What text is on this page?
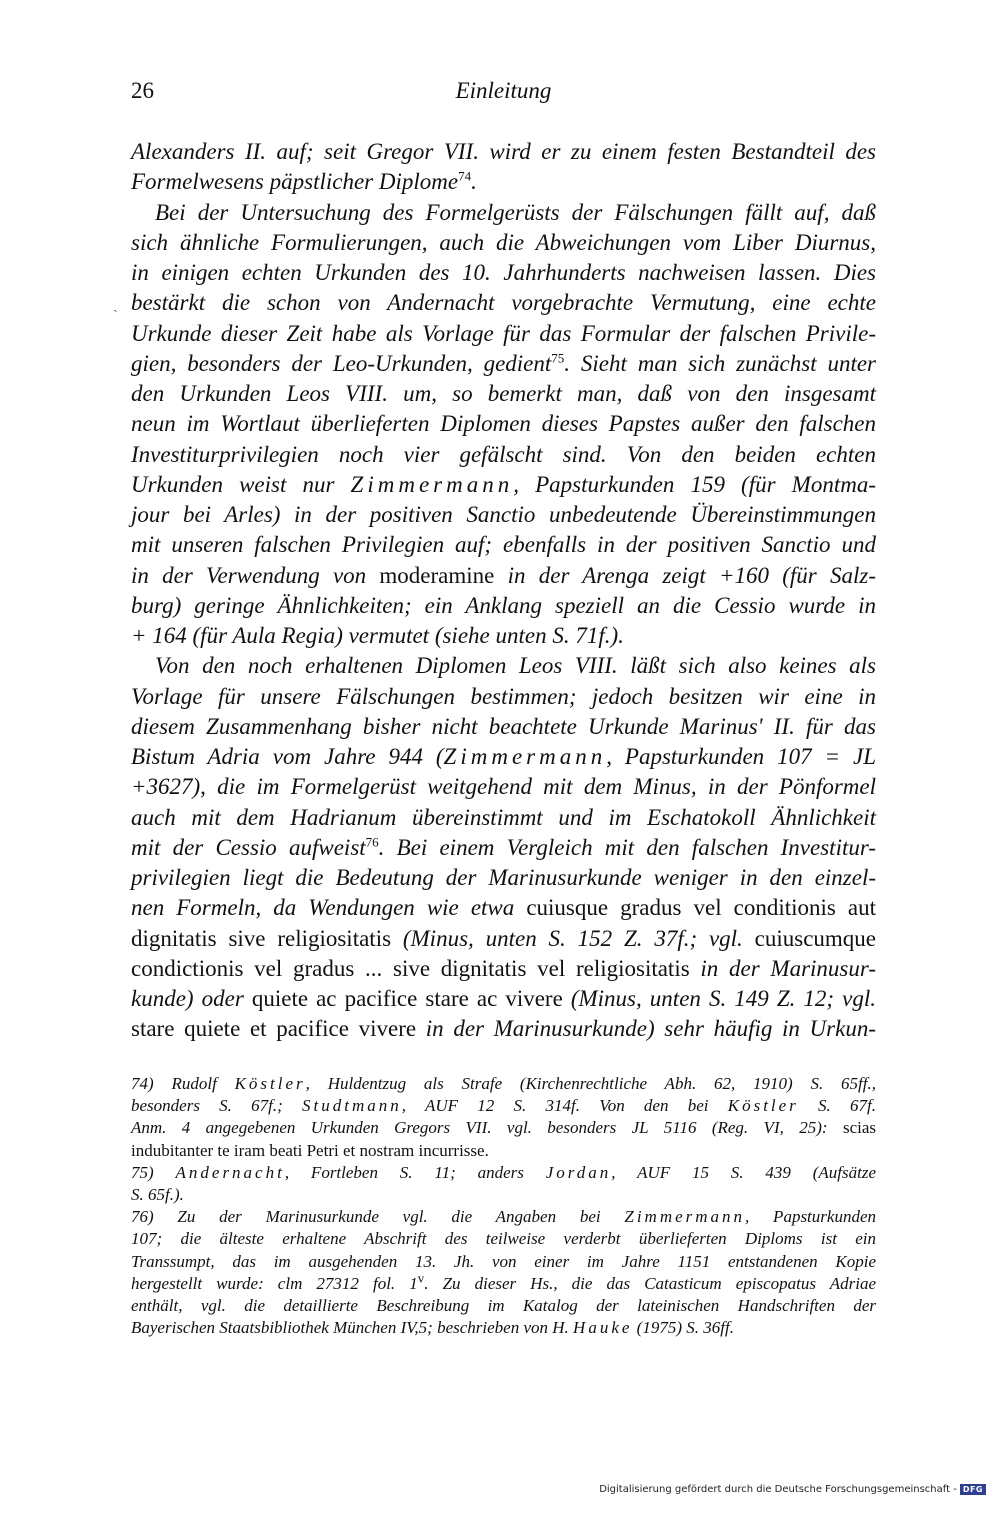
26	Einleitung
ˎ
Alexanders II. auf; seit Gregor VII. wird er zu einem festen Bestandteil des
Formelwesens päpstlicher Diplome$^{74}$.
Bei der Untersuchung des Formelgerüsts der Fälschungen fällt auf, daß
sich ähnliche Formulierungen, auch die Abweichungen vom Liber Diurnus,
in einigen echten Urkunden des 10. Jahrhunderts nachweisen lassen. Dies
bestärkt die schon von Andernacht vorgebrachte Vermutung, eine echte
Urkunde dieser Zeit habe als Vorlage für das Formular der falschen Privile-
gien, besonders der Leo-Urkunden, gedient$^{75}$. Sieht man sich zunächst unter
den Urkunden Leos VIII. um, so bemerkt man, daß von den insgesamt
neun im Wortlaut überlieferten Diplomen dieses Papstes außer den falschen
Investiturprivilegien noch vier gefälscht sind. Von den beiden echten
Urkunden weist nur Zimmermann, Papsturkunden 159 (für Montma-
jour bei Arles) in der positiven Sanctio unbedeutende Übereinstimmungen
mit unseren falschen Privilegien auf; ebenfalls in der positiven Sanctio und
in der Verwendung von moderamine in der Arenga zeigt +160 (für Salz-
burg) geringe Ähnlichkeiten; ein Anklang speziell an die Cessio wurde in
+ 164 (für Aula Regia) vermutet (siehe unten S. 71f.).
Von den noch erhaltenen Diplomen Leos VIII. läßt sich also keines als
Vorlage für unsere Fälschungen bestimmen; jedoch besitzen wir eine in
diesem Zusammenhang bisher nicht beachtete Urkunde Marinus' II. für das
Bistum Adria vom Jahre 944 (Zimmermann, Papsturkunden 107 = JL
+3627), die im Formelgerüst weitgehend mit dem Minus, in der Pönformel
auch mit dem Hadrianum übereinstimmt und im Eschatokoll Ähnlichkeit
mit der Cessio aufweist$^{76}$. Bei einem Vergleich mit den falschen Investitur-
privilegien liegt die Bedeutung der Marinusurkunde weniger in den einzel-
nen Formeln, da Wendungen wie etwa cuiusque gradus vel conditionis aut
dignitatis sive religiositatis (Minus, unten S. 152 Z. 37f.; vgl. cuiuscumque
condictionis vel gradus ... sive dignitatis vel religiositatis in der Marinusur-
kunde) oder quiete ac pacifice stare ac vivere (Minus, unten S. 149 Z. 12; vgl.
stare quiete et pacifice vivere in der Marinusurkunde) sehr häufig in Urkun-
74) Rudolf Köstler, Huldentzug als Strafe (Kirchenrechtliche Abh. 62, 1910) S. 65ff.,
besonders S. 67f.; Studtmann, AUF 12 S. 314f. Von den bei Köstler S. 67f.
Anm. 4 angegebenen Urkunden Gregors VII. vgl. besonders JL 5116 (Reg. VI, 25): scias
indubitanter te iram beati Petri et nostram incurrisse.
75) Andernacht, Fortleben S. 11; anders Jordan, AUF 15 S. 439 (Aufsätze
S. 65f.).
76) Zu der Marinusurkunde vgl. die Angaben bei Zimmermann, Papsturkunden
107; die älteste erhaltene Abschrift des teilweise verderbt überlieferten Diploms ist ein
Transsumpt, das im ausgehenden 13. Jh. von einer im Jahre 1151 entstandenen Kopie
hergestellt wurde: clm 27312 fol. 1$^v$. Zu dieser Hs., die das Catasticum episcopatus Adriae
enthält, vgl. die detaillierte Beschreibung im Katalog der lateinischen Handschriften der
Bayerischen Staatsbibliothek München IV,5; beschrieben von H. Hauke (1975) S. 36ff.
Digitalisierung gefördert durch die Deutsche Forschungsgemeinschaft - DFG
